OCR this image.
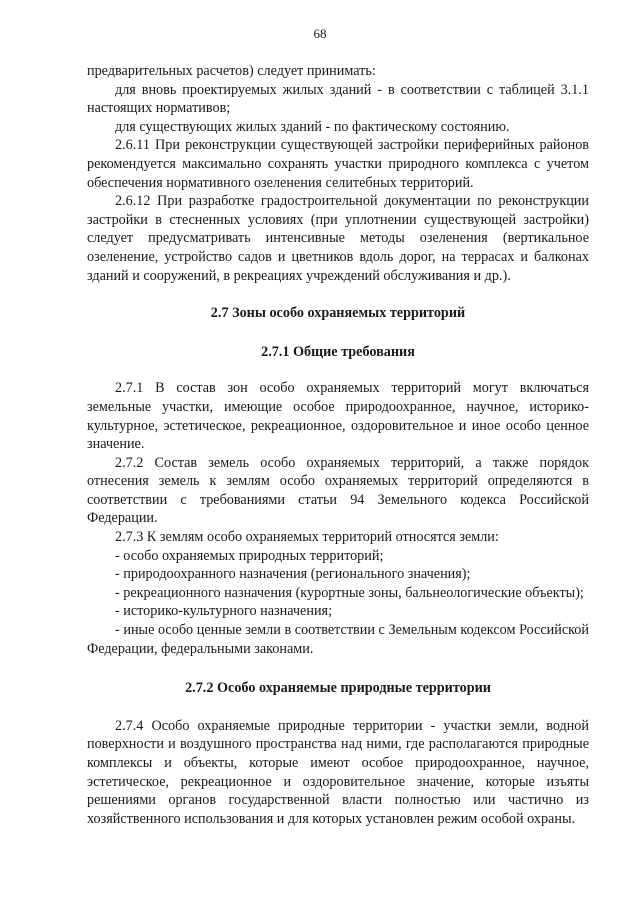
68

предварительных расчетов) следует принимать:

для вновь проектируемых жилых зданий - в соответствии с таблицей 3.1.1 настоящих нормативов;

для существующих жилых зданий - по фактическому состоянию.

2.6.11 При реконструкции существующей застройки периферийных районов рекомендуется максимально сохранять участки природного комплекса с учетом обеспечения нормативного озеленения селитебных территорий.

2.6.12 При разработке градостроительной документации по реконструкции застройки в стесненных условиях (при уплотнении существующей застройки) следует предусматривать интенсивные методы озеленения (вертикальное озеленение, устройство садов и цветников вдоль дорог, на террасах и балконах зданий и сооружений, в рекреациях учреждений обслуживания и др.).

2.7 Зоны особо охраняемых территорий
2.7.1 Общие требования

2.7.1 В состав зон особо охраняемых территорий могут включаться земельные участки, имеющие особое природоохранное, научное, историко-культурное, эстетическое, рекреационное, оздоровительное и иное особо ценное значение.

2.7.2 Состав земель особо охраняемых территорий, а также порядок отнесения земель к землям особо охраняемых территорий определяются в соответствии с требованиями статьи 94 Земельного кодекса Российской Федерации.

2.7.3 К землям особо охраняемых территорий относятся земли:

- особо охраняемых природных территорий;

- природоохранного назначения (регионального значения);

- рекреационного назначения (курортные зоны, бальнеологические объекты);

- историко-культурного назначения;

- иные особо ценные земли в соответствии с Земельным кодексом Российской Федерации, федеральными законами.

2.7.2 Особо охраняемые природные территории

2.7.4 Особо охраняемые природные территории - участки земли, водной поверхности и воздушного пространства над ними, где располагаются природные комплексы и объекты, которые имеют особое природоохранное, научное, эстетическое, рекреационное и оздоровительное значение, которые изъяты решениями органов государственной власти полностью или частично из хозяйственного использования и для которых установлен режим особой охраны.
